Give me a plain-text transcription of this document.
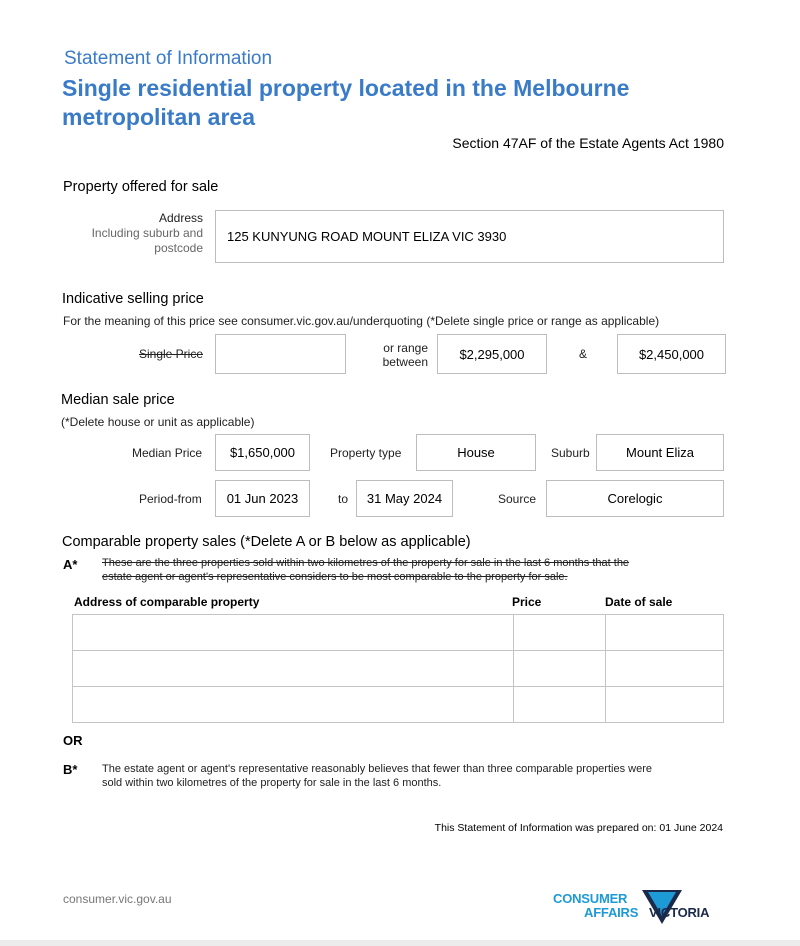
Statement of Information
Single residential property located in the Melbourne
metropolitan area
Section 47AF of the Estate Agents Act 1980
Property offered for sale
Address
Including suburb and
postcode
125 KUNYUNG ROAD MOUNT ELIZA VIC 3930
Indicative selling price
For the meaning of this price see consumer.vic.gov.au/underquoting (*Delete single price or range as applicable)
Single Price	or range
between
$2,295,000	&	$2,450,000
Median sale price
(*Delete house or unit as applicable)
Median Price $1,650,000	Property type	House	Suburb	Mount Eliza
Period-from 01 Jun 2023	to 31 May 2024	Source	Corelogic
Comparable property sales (*Delete A or B below as applicable)
A* These are the three properties sold within two kilometres of the property for sale in the last 6 months that the
estate agent or agent's representative considers to be most comparable to the property for sale.
Address of comparable property	Price	Date of sale

OR
B* The estate agent or agent's representative reasonably believes that fewer than three comparable properties were
sold within two kilometres of the property for sale in the last 6 months.
This Statement of Information was prepared on: 01 June 2024
consumer.vic.gov.au	CONSUMER
AFFAIRS VICTORIA
